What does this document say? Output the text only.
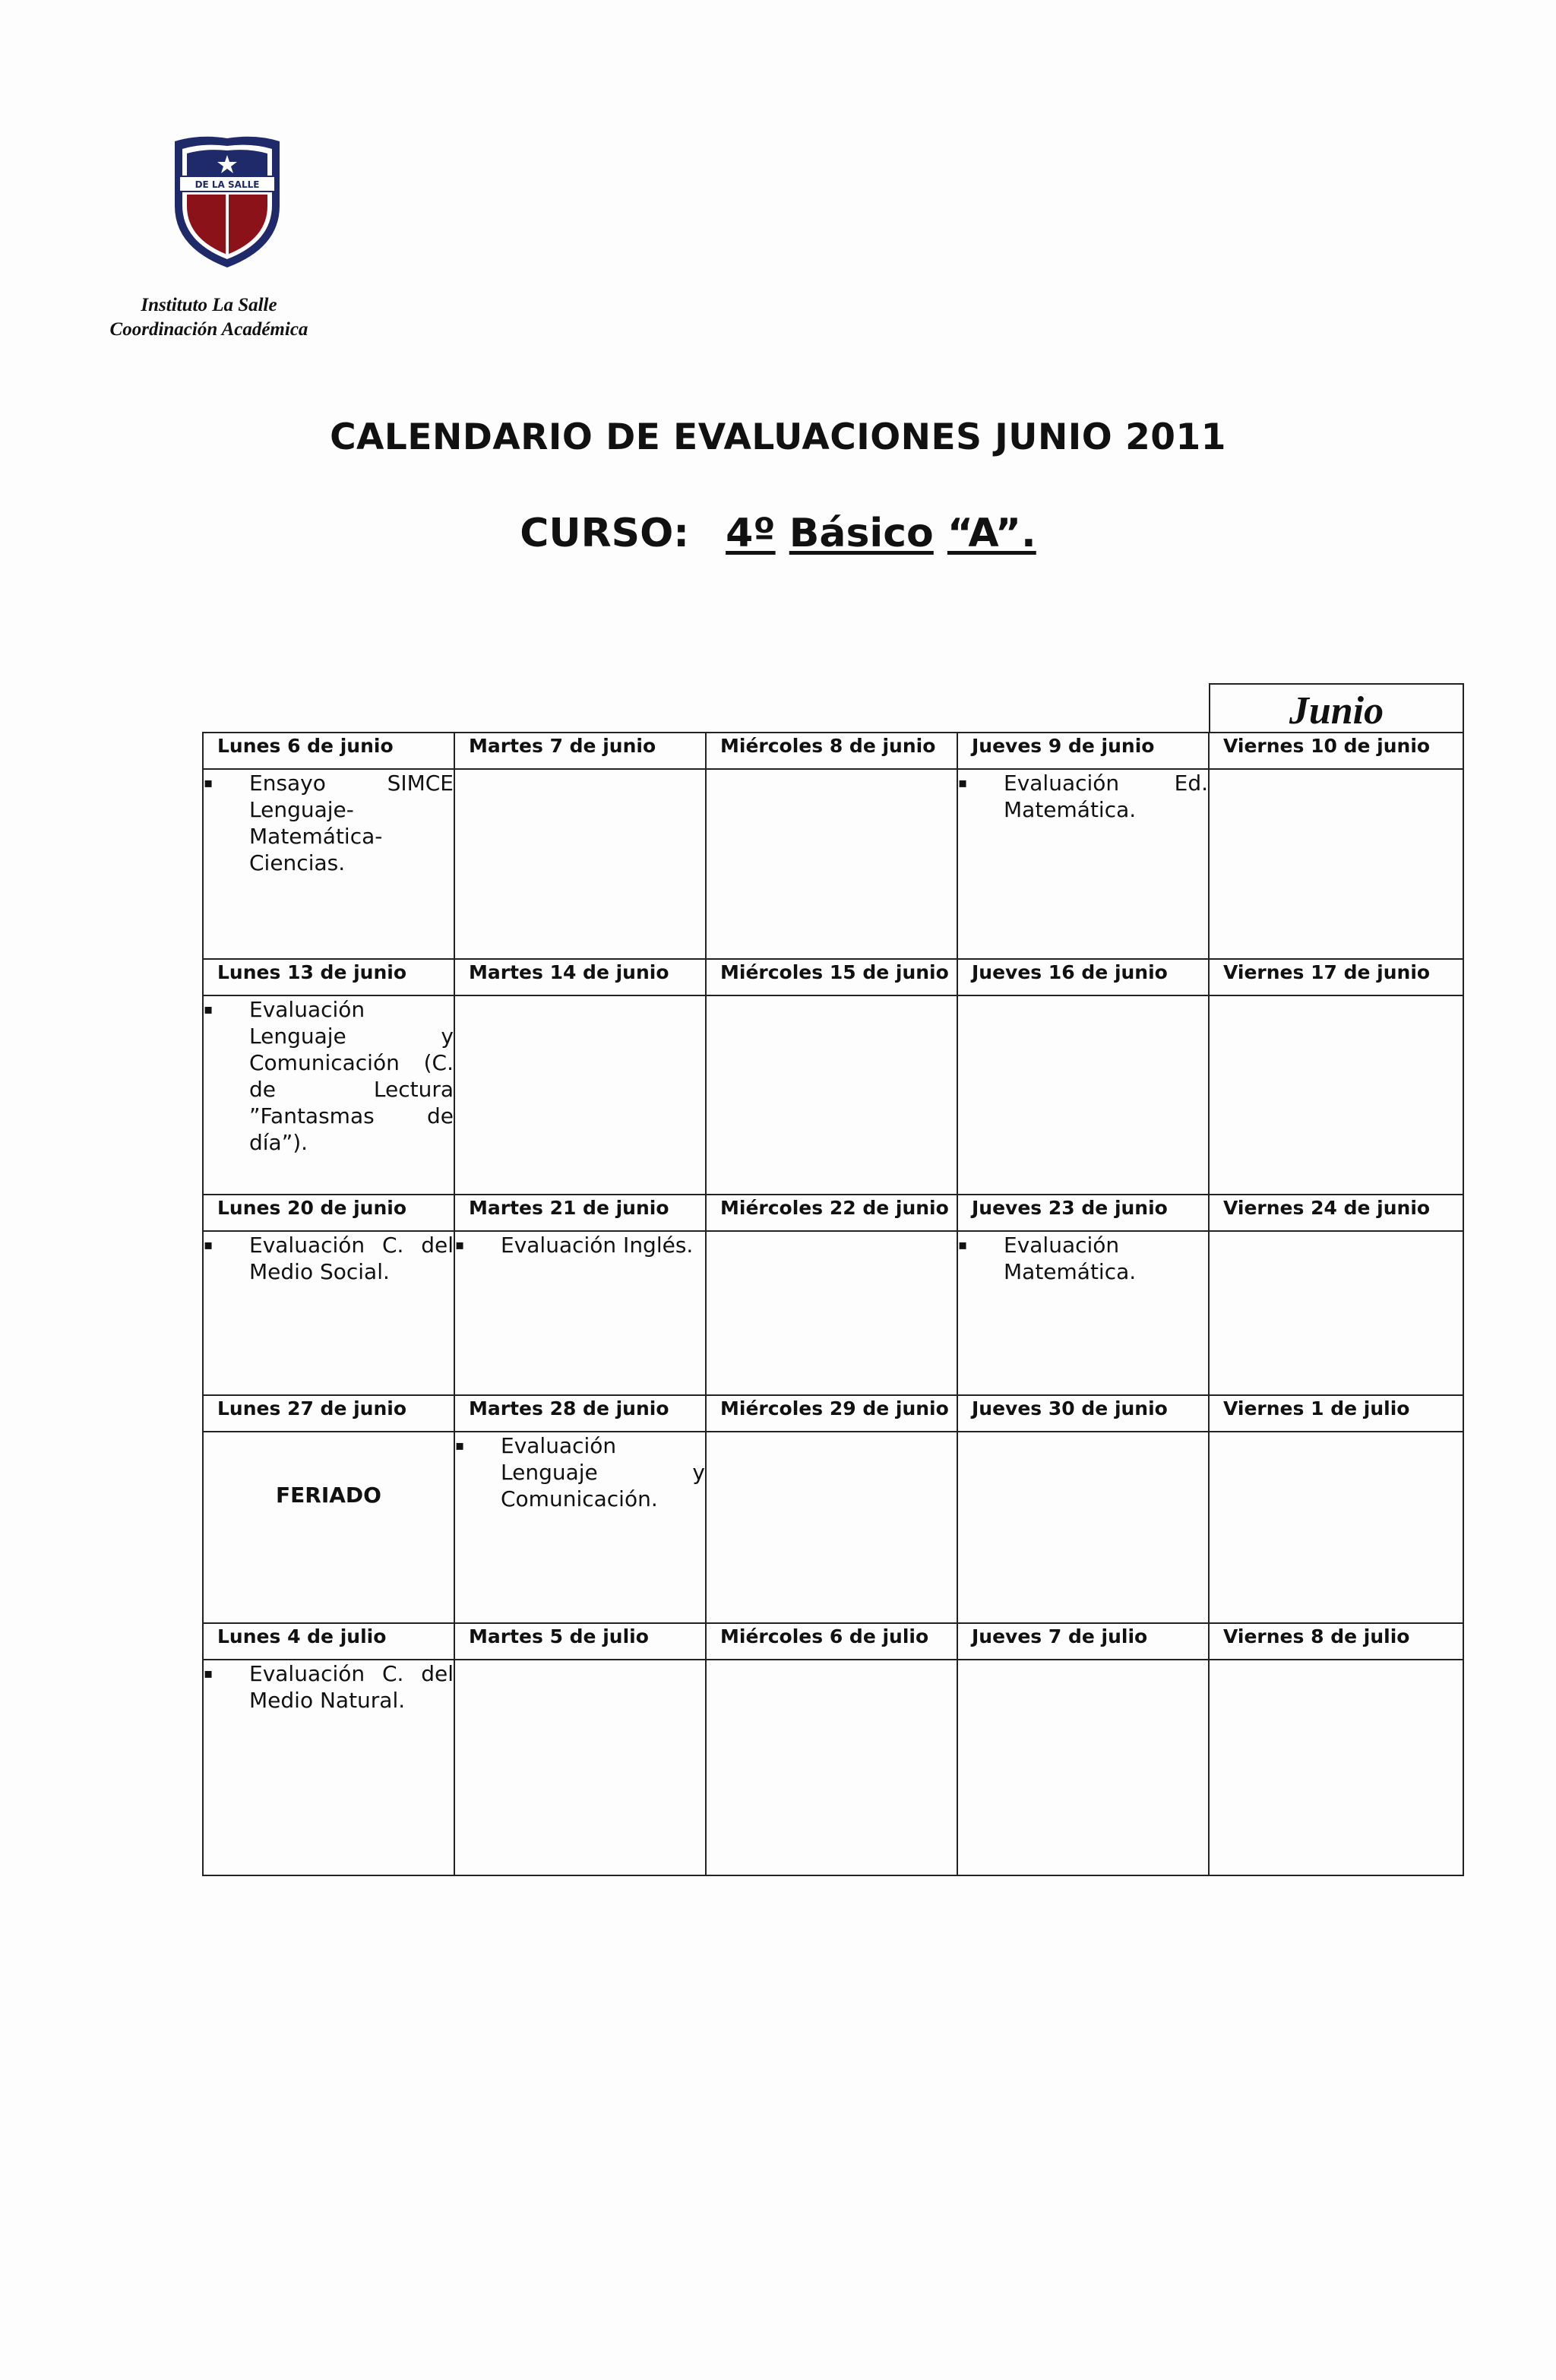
DE LA SALLE
Instituto La Salle
Coordinación Académica
CALENDARIO DE EVALUACIONES JUNIO 2011
CURSO: 4º Básico “A”.
Junio
Lunes 6 de junio	Martes 7 de junio	Miércoles 8 de junio	Jueves 9 de junio	Viernes 10 de junio

▪ Ensayo SIMCE Lenguaje-Matemática-Ciencias.			▪ Evaluación Ed. Matemática.	

Lunes 13 de junio	Martes 14 de junio	Miércoles 15 de junio	Jueves 16 de junio	Viernes 17 de junio

▪ Evaluación Lenguaje y Comunicación (C. de Lectura ”Fantasmas de día”).				

Lunes 20 de junio	Martes 21 de junio	Miércoles 22 de junio	Jueves 23 de junio	Viernes 24 de junio

▪ Evaluación C. del Medio Social.	▪ Evaluación Inglés.		▪ Evaluación Matemática.	

Lunes 27 de junio	Martes 28 de junio	Miércoles 29 de junio	Jueves 30 de junio	Viernes 1 de julio

FERIADO	▪ Evaluación Lenguaje y Comunicación.			

Lunes 4 de julio	Martes 5 de julio	Miércoles 6 de julio	Jueves 7 de julio	Viernes 8 de julio

▪ Evaluación C. del Medio Natural.				
